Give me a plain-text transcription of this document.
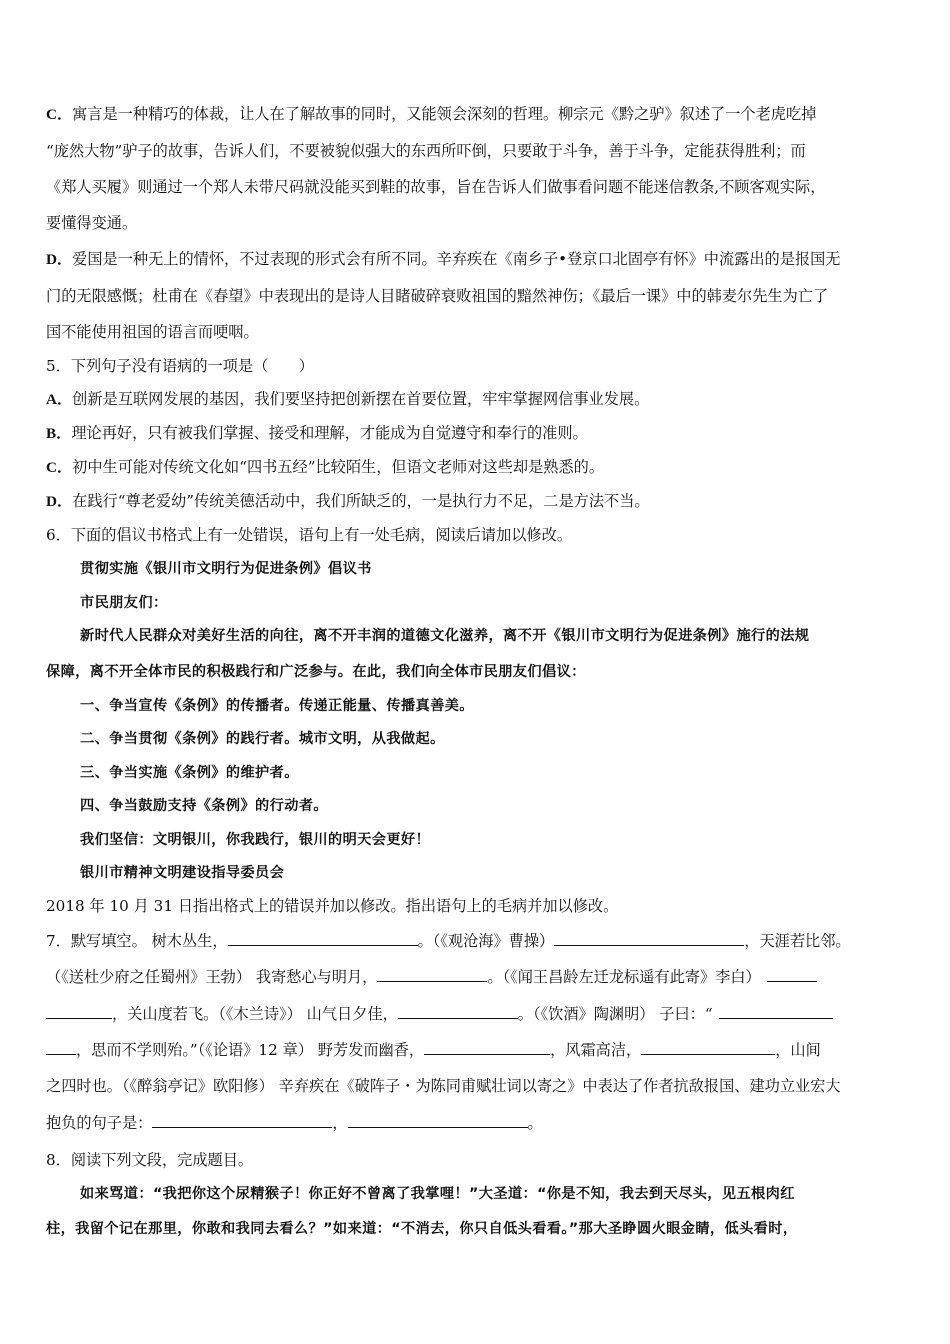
C．寓言是一种精巧的体裁，让人在了解故事的同时，又能领会深刻的哲理。柳宗元《黔之驴》叙述了一个老虎吃掉
“庞然大物”驴子的故事，告诉人们，不要被貌似强大的东西所吓倒，只要敢于斗争，善于斗争，定能获得胜利；而
《郑人买履》则通过一个郑人未带尺码就没能买到鞋的故事，旨在告诉人们做事看问题不能迷信教条,不顾客观实际，
要懂得变通。
D．爱国是一种无上的情怀，不过表现的形式会有所不同。辛弃疾在《南乡子•登京口北固亭有怀》中流露出的是报国无
门的无限感慨；杜甫在《春望》中表现出的是诗人目睹破碎衰败祖国的黯然神伤；《最后一课》中的韩麦尔先生为亡了
国不能使用祖国的语言而哽咽。
5．下列句子没有语病的一项是（　　）
A．创新是互联网发展的基因，我们要坚持把创新摆在首要位置，牢牢掌握网信事业发展。
B．理论再好，只有被我们掌握、接受和理解，才能成为自觉遵守和奉行的准则。
C．初中生可能对传统文化如“四书五经”比较陌生，但语文老师对这些却是熟悉的。
D．在践行“尊老爱幼”传统美德活动中，我们所缺乏的，一是执行力不足，二是方法不当。
6．下面的倡议书格式上有一处错误，语句上有一处毛病，阅读后请加以修改。
贯彻实施《银川市文明行为促进条例》倡议书
市民朋友们：
新时代人民群众对美好生活的向往，离不开丰润的道德文化滋养，离不开《银川市文明行为促进条例》施行的法规
保障，离不开全体市民的积极践行和广泛参与。在此，我们向全体市民朋友们倡议：
一、争当宣传《条例》的传播者。传递正能量、传播真善美。
二、争当贯彻《条例》的践行者。城市文明，从我做起。
三、争当实施《条例》的维护者。
四、争当鼓励支持《条例》的行动者。
我们坚信：文明银川，你我践行，银川的明天会更好！
银川市精神文明建设指导委员会
2018 年 10 月 31 日指出格式上的错误并加以修改。指出语句上的毛病并加以修改。
7．默写填空。 树木丛生，	。（《观沧海》曹操）	，天涯若比邻。
（《送杜少府之任蜀州》王勃） 我寄愁心与明月，	。（《闻王昌龄左迁龙标遥有此寄》李白）
，关山度若飞。（《木兰诗》） 山气日夕佳，	。（《饮酒》陶渊明） 子曰：“
，思而不学则殆。”（《论语》12 章） 野芳发而幽香，	，风霜高洁，	，山间
之四时也。（《醉翁亭记》欧阳修） 辛弃疾在《破阵子・为陈同甫赋壮词以寄之》中表达了作者抗敌报国、建功立业宏大
抱负的句子是：	，	。
8．阅读下列文段，完成题目。
如来骂道：“我把你这个尿精猴子！你正好不曾离了我掌哩！”大圣道：“你是不知，我去到天尽头，见五根肉红
柱，我留个记在那里，你敢和我同去看么？”如来道：“不消去，你只自低头看看。”那大圣睁圆火眼金睛，低头看时，
